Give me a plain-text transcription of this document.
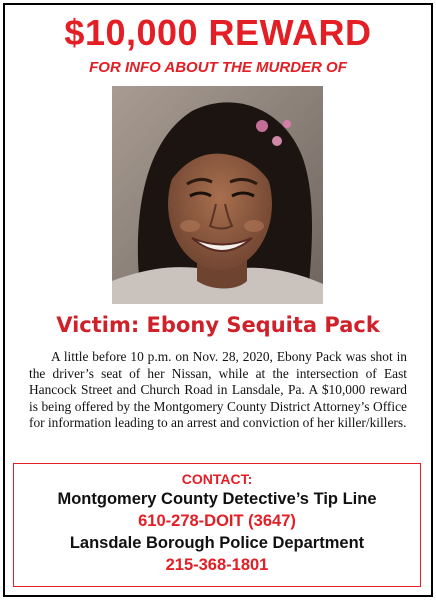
$10,000 REWARD
FOR INFO ABOUT THE MURDER OF
Victim: Ebony Sequita Pack

A little before 10 p.m. on Nov. 28, 2020, Ebony Pack was shot in the driver’s seat of her Nissan, while at the intersection of East Hancock Street and Church Road in Lansdale, Pa. A $10,000 reward is being offered by the Montgomery County District Attorney’s Office for information leading to an arrest and conviction of her killer/killers.

CONTACT:
Montgomery County Detective’s Tip Line
610-278-DOIT (3647)
Lansdale Borough Police Department
215-368-1801
